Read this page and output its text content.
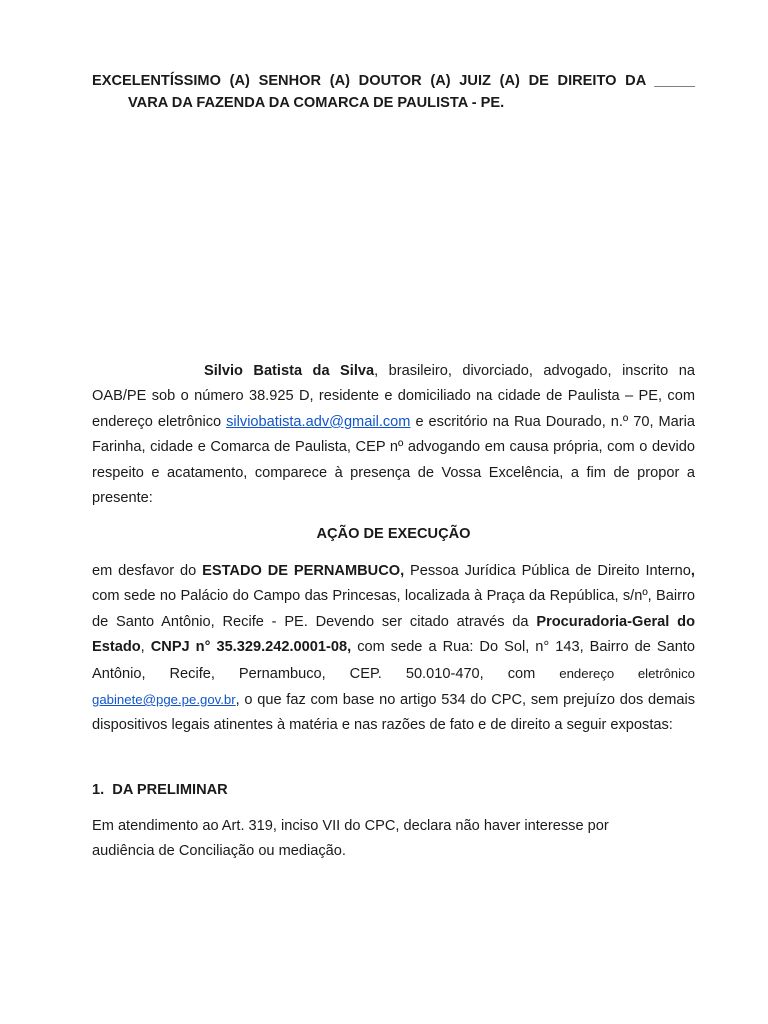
EXCELENTÍSSIMO (A) SENHOR (A) DOUTOR (A) JUIZ (A) DE DIREITO DA _____
VARA DA FAZENDA DA COMARCA DE PAULISTA - PE.
Silvio Batista da Silva, brasileiro, divorciado, advogado, inscrito na OAB/PE sob o número 38.925 D, residente e domiciliado na cidade de Paulista – PE, com endereço eletrônico silviobatista.adv@gmail.com e escritório na Rua Dourado, n.º 70, Maria Farinha, cidade e Comarca de Paulista, CEP nº advogando em causa própria, com o devido respeito e acatamento, comparece à presença de Vossa Excelência, a fim de propor a presente:
AÇÃO DE EXECUÇÃO
em desfavor do ESTADO DE PERNAMBUCO, Pessoa Jurídica Pública de Direito Interno, com sede no Palácio do Campo das Princesas, localizada à Praça da República, s/nº, Bairro de Santo Antônio, Recife - PE. Devendo ser citado através da Procuradoria-Geral do Estado, CNPJ n° 35.329.242.0001-08, com sede a Rua: Do Sol, n° 143, Bairro de Santo Antônio, Recife, Pernambuco, CEP. 50.010-470, com endereço eletrônico gabinete@pge.pe.gov.br, o que faz com base no artigo 534 do CPC, sem prejuízo dos demais dispositivos legais atinentes à matéria e nas razões de fato e de direito a seguir expostas:
1.  DA PRELIMINAR
Em atendimento ao Art. 319, inciso VII do CPC, declara não haver interesse por audiência de Conciliação ou mediação.
